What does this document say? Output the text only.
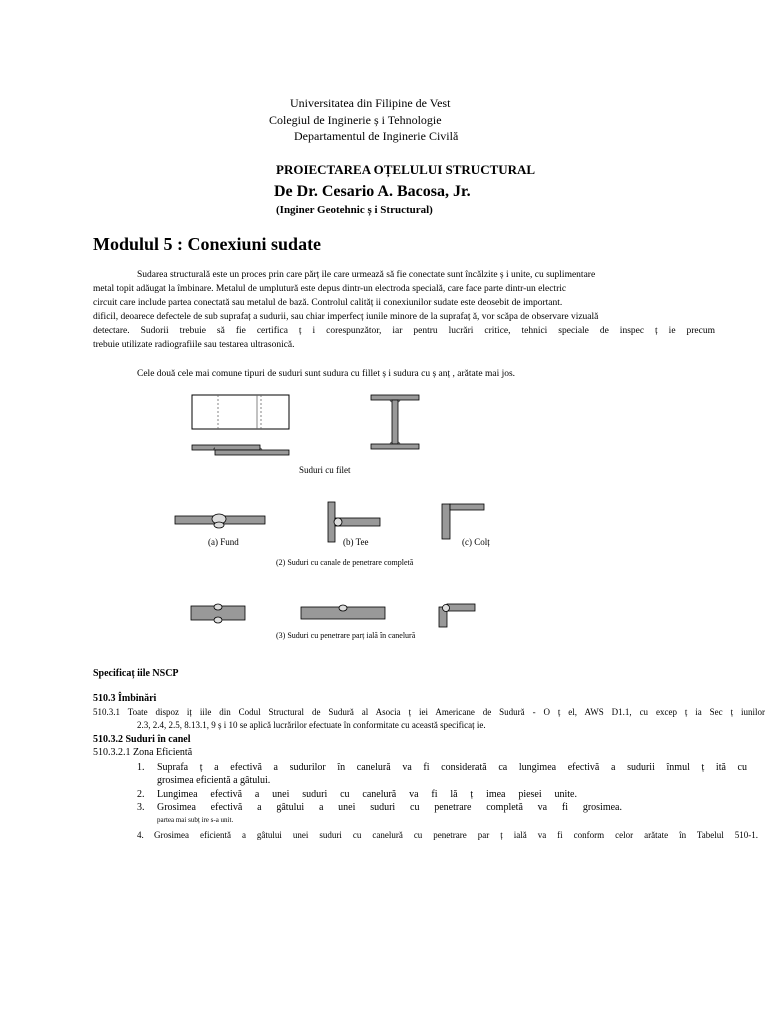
Universitatea din Filipine de Vest
Colegiul de Inginerie ș i Tehnologie
Departamentul de Inginerie Civilă
PROIECTAREA OȚELULUI STRUCTURAL
De Dr. Cesario A. Bacosa, Jr.
(Inginer Geotehnic ș i Structural)
Modulul 5 : Conexiuni sudate
Sudarea structurală este un proces prin care părț ile care urmează să fie conectate sunt încălzite ș i unite, cu suplimentare
metal topit adăugat la îmbinare. Metalul de umplutură este depus dintr-un electroda specială, care face parte dintr-un electric
circuit care include partea conectată sau metalul de bază. Controlul calităț ii conexiunilor sudate este deosebit de important.
dificil, deoarece defectele de sub suprafaț a sudurii, sau chiar imperfecț iunile minore de la suprafaț ă, vor scăpa de observare vizuală
detectare. Sudorii trebuie să fie certifica ț i corespunzător, iar pentru lucrări critice, tehnici speciale de inspec ț ie precum
trebuie utilizate radiografiile sau testarea ultrasonică.
Cele două cele mai comune tipuri de suduri sunt sudura cu fillet ș i sudura cu ș anț , arătate mai jos.
Suduri cu filet
(a) Fund	(b) Tee	(c) Colț
(2) Suduri cu canale de penetrare completă
(3) Suduri cu penetrare parț ială în canelură
Specificaț iile NSCP
510.3 Îmbinări
510.3.1 Toate dispoz iț iile din Codul Structural de Sudură al Asocia ț iei Americane de Sudură - O ț el, AWS D1.1, cu excep ț ia Sec ț iunilor
2.3, 2.4, 2.5, 8.13.1, 9 ș i 10 se aplică lucrărilor efectuate în conformitate cu această specificaț ie.
510.3.2 Suduri în canel
510.3.2.1 Zona Eficientă
1. Suprafa ț a efectivă a sudurilor în canelură va fi considerată ca lungimea efectivă a sudurii înmul ț ită cu
grosimea eficientă a gâtului.
2. Lungimea efectivă a unei suduri cu canelură va fi lă ț imea piesei unite.
3. Grosimea efectivă a gâtului a unei suduri cu penetrare completă va fi grosimea.
partea mai subț ire s-a unit.
4. Grosimea eficientă a gâtului unei suduri cu canelură cu penetrare par ț ială va fi conform celor arătate în Tabelul 510-1.
